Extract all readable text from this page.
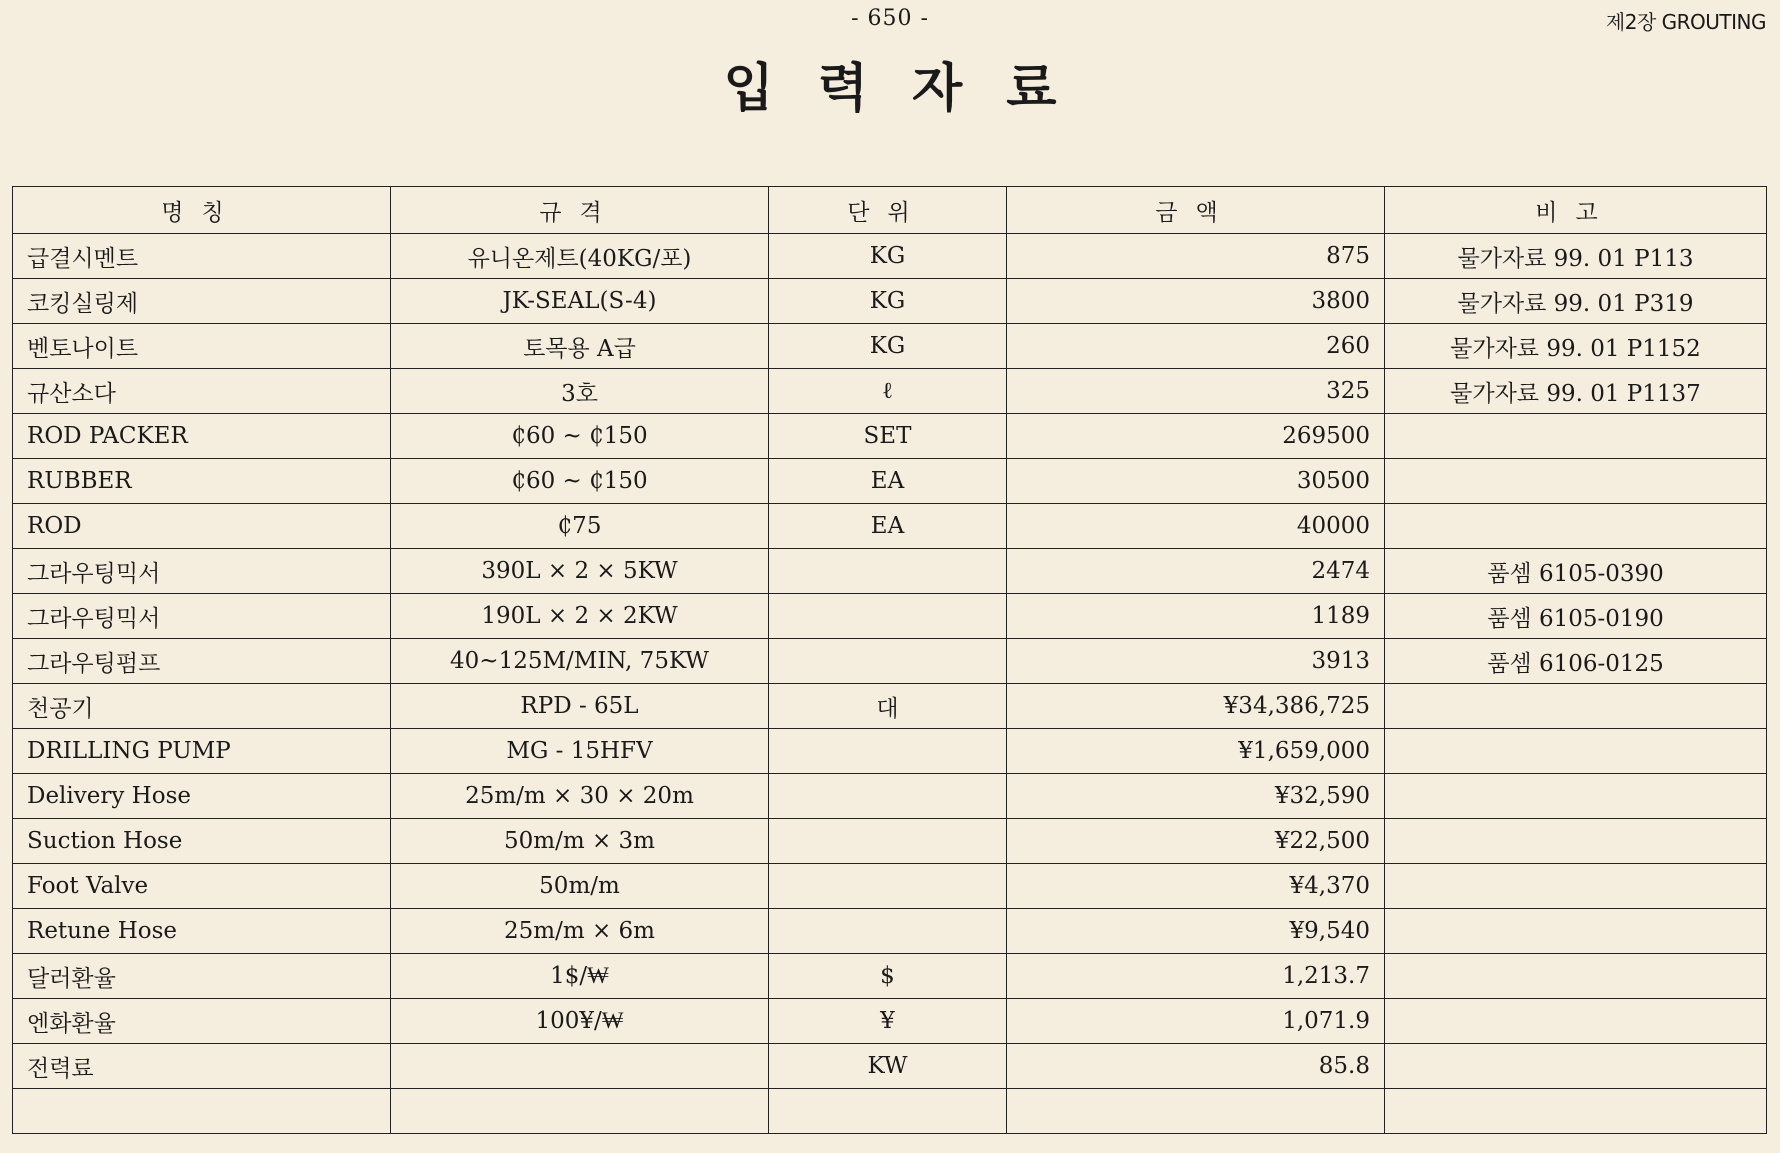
- 650 -	제2장 GROUTING
입력자료
명칭	규격	단위	금액	비고
급결시멘트	유니온제트(40KG/포)	KG	875	물가자료 99. 01 P113
코킹실링제	JK-SEAL(S-4)	KG	3800	물가자료 99. 01 P319
벤토나이트	토목용 A급	KG	260	물가자료 99. 01 P1152
규산소다	3호	ℓ	325	물가자료 99. 01 P1137
ROD PACKER	₵60 ~ ₵150	SET	269500	
RUBBER	₵60 ~ ₵150	EA	30500	
ROD	₵75	EA	40000	
그라우팅믹서	390L × 2 × 5KW		2474	품셈 6105-0390
그라우팅믹서	190L × 2 × 2KW		1189	품셈 6105-0190
그라우팅펌프	40~125M/MIN, 75KW		3913	품셈 6106-0125
천공기	RPD - 65L	대	¥34,386,725	
DRILLING PUMP	MG - 15HFV		¥1,659,000	
Delivery Hose	25m/m × 30 × 20m		¥32,590	
Suction Hose	50m/m × 3m		¥22,500	
Foot Valve	50m/m		¥4,370	
Retune Hose	25m/m × 6m		¥9,540	
달러환율	1$/₩	$	1,213.7	
엔화환율	100¥/₩	¥	1,071.9	
전력료		KW	85.8	
